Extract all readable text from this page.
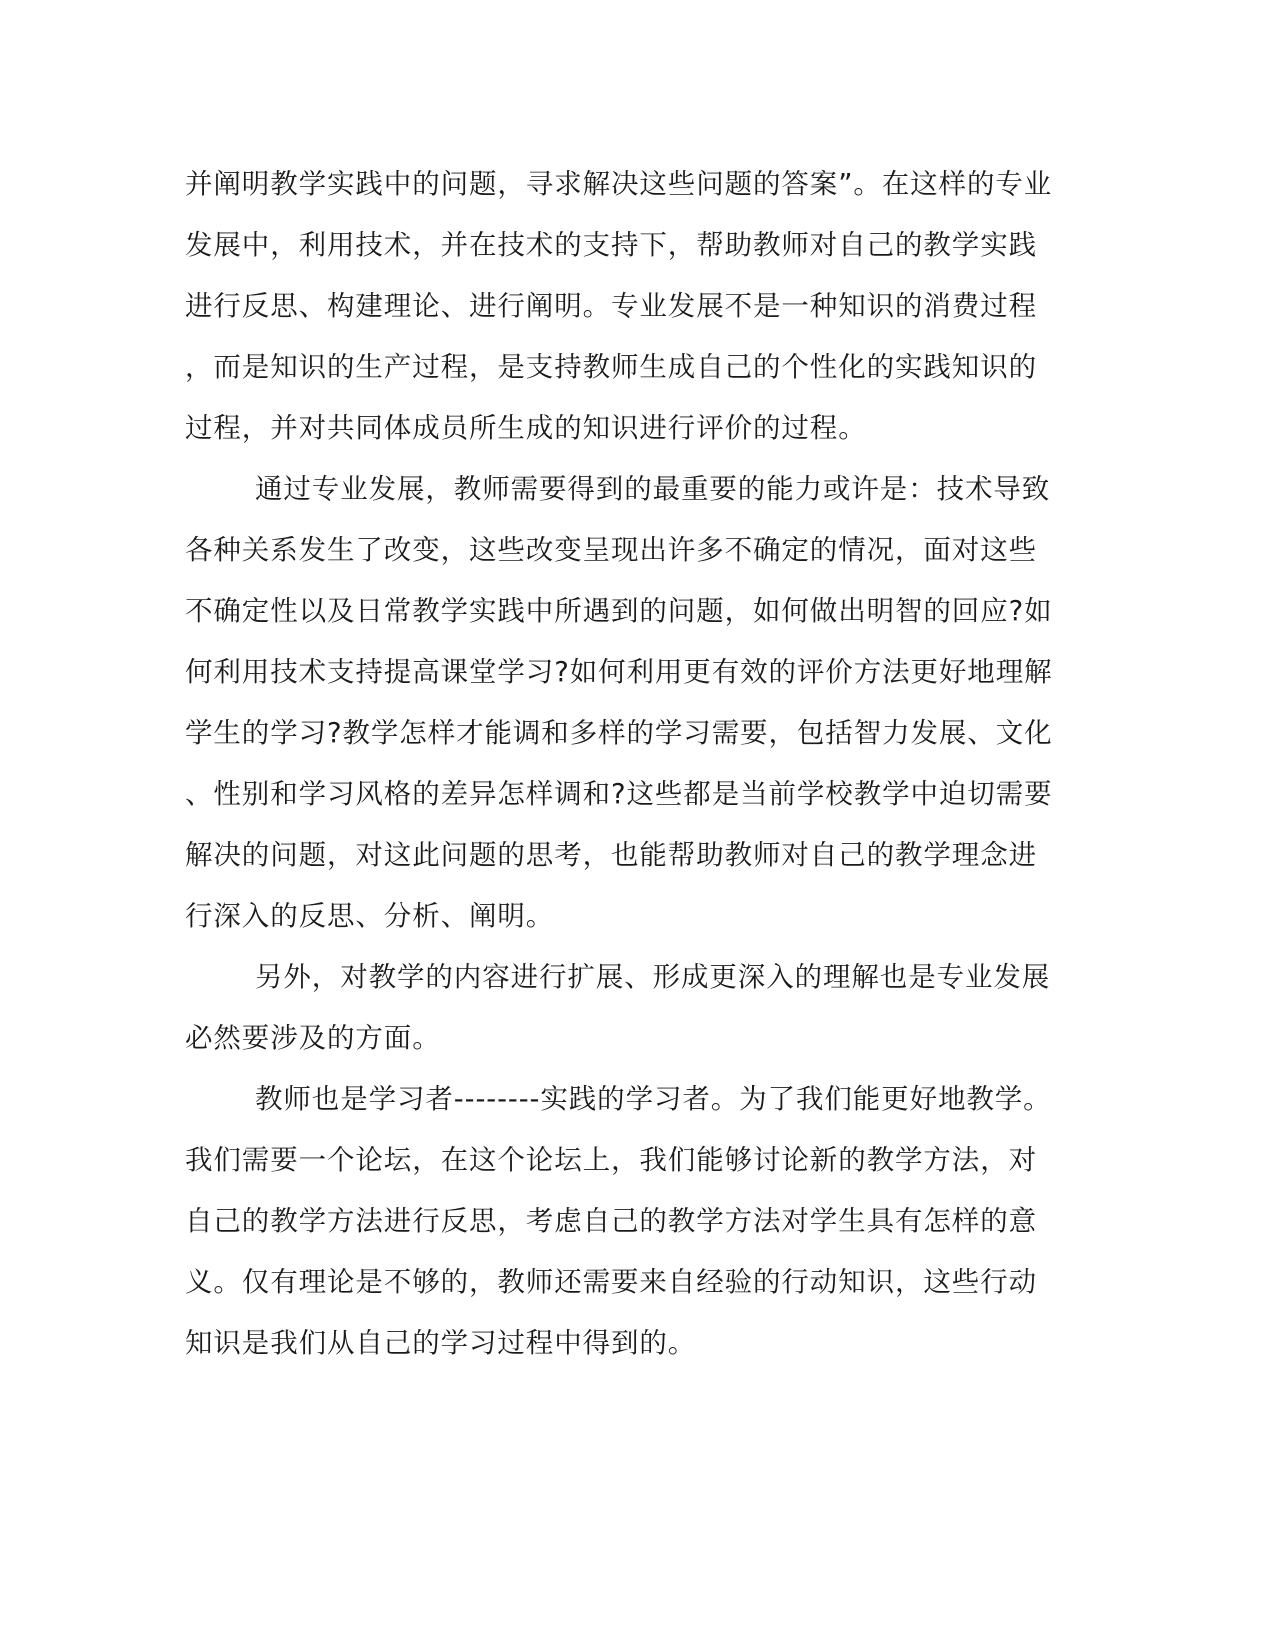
并阐明教学实践中的问题，寻求解决这些问题的答案”。在这样的专业
发展中，利用技术，并在技术的支持下，帮助教师对自己的教学实践
进行反思、构建理论、进行阐明。专业发展不是一种知识的消费过程
，而是知识的生产过程，是支持教师生成自己的个性化的实践知识的
过程，并对共同体成员所生成的知识进行评价的过程。
通过专业发展，教师需要得到的最重要的能力或许是：技术导致
各种关系发生了改变，这些改变呈现出许多不确定的情况，面对这些
不确定性以及日常教学实践中所遇到的问题，如何做出明智的回应?如
何利用技术支持提高课堂学习?如何利用更有效的评价方法更好地理解
学生的学习?教学怎样才能调和多样的学习需要，包括智力发展、文化
、性别和学习风格的差异怎样调和?这些都是当前学校教学中迫切需要
解决的问题，对这此问题的思考，也能帮助教师对自己的教学理念进
行深入的反思、分析、阐明。
另外，对教学的内容进行扩展、形成更深入的理解也是专业发展
必然要涉及的方面。
教师也是学习者--------实践的学习者。为了我们能更好地教学。
我们需要一个论坛，在这个论坛上，我们能够讨论新的教学方法，对
自己的教学方法进行反思，考虑自己的教学方法对学生具有怎样的意
义。仅有理论是不够的，教师还需要来自经验的行动知识，这些行动
知识是我们从自己的学习过程中得到的。
